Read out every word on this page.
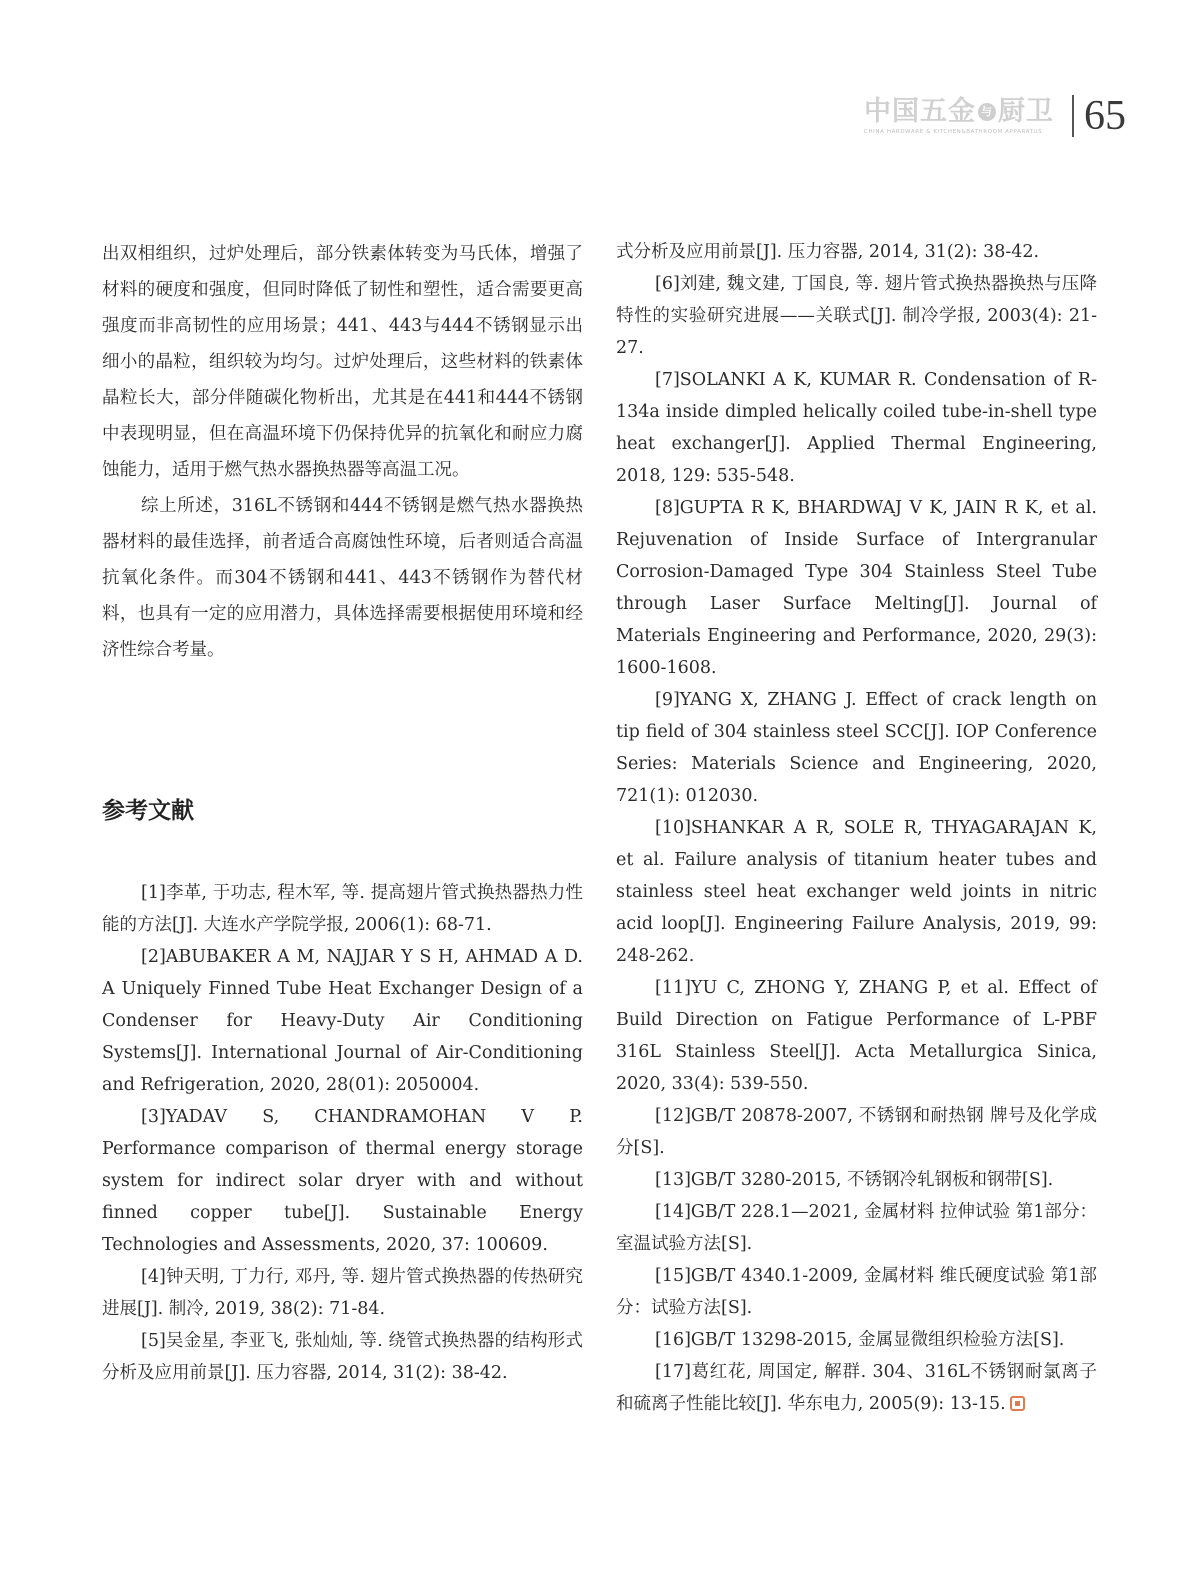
中国五金 与 厨卫
CHINA HARDWARE & KITCHEN&BATHROOM APPARATUS 65

出双相组织，过炉处理后，部分铁素体转变为马氏体，增强了材料的硬度和强度，但同时降低了韧性和塑性，适合需要更高强度而非高韧性的应用场景；441、443与444不锈钢显示出细小的晶粒，组织较为均匀。过炉处理后，这些材料的铁素体晶粒长大，部分伴随碳化物析出，尤其是在441和444不锈钢中表现明显，但在高温环境下仍保持优异的抗氧化和耐应力腐蚀能力，适用于燃气热水器换热器等高温工况。

综上所述，316L不锈钢和444不锈钢是燃气热水器换热器材料的最佳选择，前者适合高腐蚀性环境，后者则适合高温抗氧化条件。而304不锈钢和441、443不锈钢作为替代材料，也具有一定的应用潜力，具体选择需要根据使用环境和经济性综合考量。

参考文献

[1]李革, 于功志, 程木军, 等. 提高翅片管式换热器热力性能的方法[J]. 大连水产学院学报, 2006(1): 68-71.

[2]ABUBAKER A M, NAJJAR Y S H, AHMAD A D. A Uniquely Finned Tube Heat Exchanger Design of a Condenser for Heavy-Duty Air Conditioning Systems[J]. International Journal of Air-Conditioning and Refrigeration, 2020, 28(01): 2050004.

[3]YADAV S, CHANDRAMOHAN V P. Performance comparison of thermal energy storage system for indirect solar dryer with and without finned copper tube[J]. Sustainable Energy Technologies and Assessments, 2020, 37: 100609.

[4]钟天明, 丁力行, 邓丹, 等. 翅片管式换热器的传热研究进展[J]. 制冷, 2019, 38(2): 71-84.

[5]吴金星, 李亚飞, 张灿灿, 等. 绕管式换热器的结构形式分析及应用前景[J]. 压力容器, 2014, 31(2): 38-42.

式分析及应用前景[J]. 压力容器, 2014, 31(2): 38-42.

[6]刘建, 魏文建, 丁国良, 等. 翅片管式换热器换热与压降特性的实验研究进展——关联式[J]. 制冷学报, 2003(4): 21-27.

[7]SOLANKI A K, KUMAR R. Condensation of R-134a inside dimpled helically coiled tube-in-shell type heat exchanger[J]. Applied Thermal Engineering, 2018, 129: 535-548.

[8]GUPTA R K, BHARDWAJ V K, JAIN R K, et al. Rejuvenation of Inside Surface of Intergranular Corrosion-Damaged Type 304 Stainless Steel Tube through Laser Surface Melting[J]. Journal of Materials Engineering and Performance, 2020, 29(3): 1600-1608.

[9]YANG X, ZHANG J. Effect of crack length on tip field of 304 stainless steel SCC[J]. IOP Conference Series: Materials Science and Engineering, 2020, 721(1): 012030.

[10]SHANKAR A R, SOLE R, THYAGARAJAN K, et al. Failure analysis of titanium heater tubes and stainless steel heat exchanger weld joints in nitric acid loop[J]. Engineering Failure Analysis, 2019, 99: 248-262.

[11]YU C, ZHONG Y, ZHANG P, et al. Effect of Build Direction on Fatigue Performance of L-PBF 316L Stainless Steel[J]. Acta Metallurgica Sinica, 2020, 33(4): 539-550.

[12]GB/T 20878-2007, 不锈钢和耐热钢 牌号及化学成分[S].

[13]GB/T 3280-2015, 不锈钢冷轧钢板和钢带[S].

[14]GB/T 228.1—2021, 金属材料 拉伸试验 第1部分：室温试验方法[S].

[15]GB/T 4340.1-2009, 金属材料 维氏硬度试验 第1部分：试验方法[S].

[16]GB/T 13298-2015, 金属显微组织检验方法[S].

[17]葛红花, 周国定, 解群. 304、316L不锈钢耐氯离子和硫离子性能比较[J]. 华东电力, 2005(9): 13-15.
